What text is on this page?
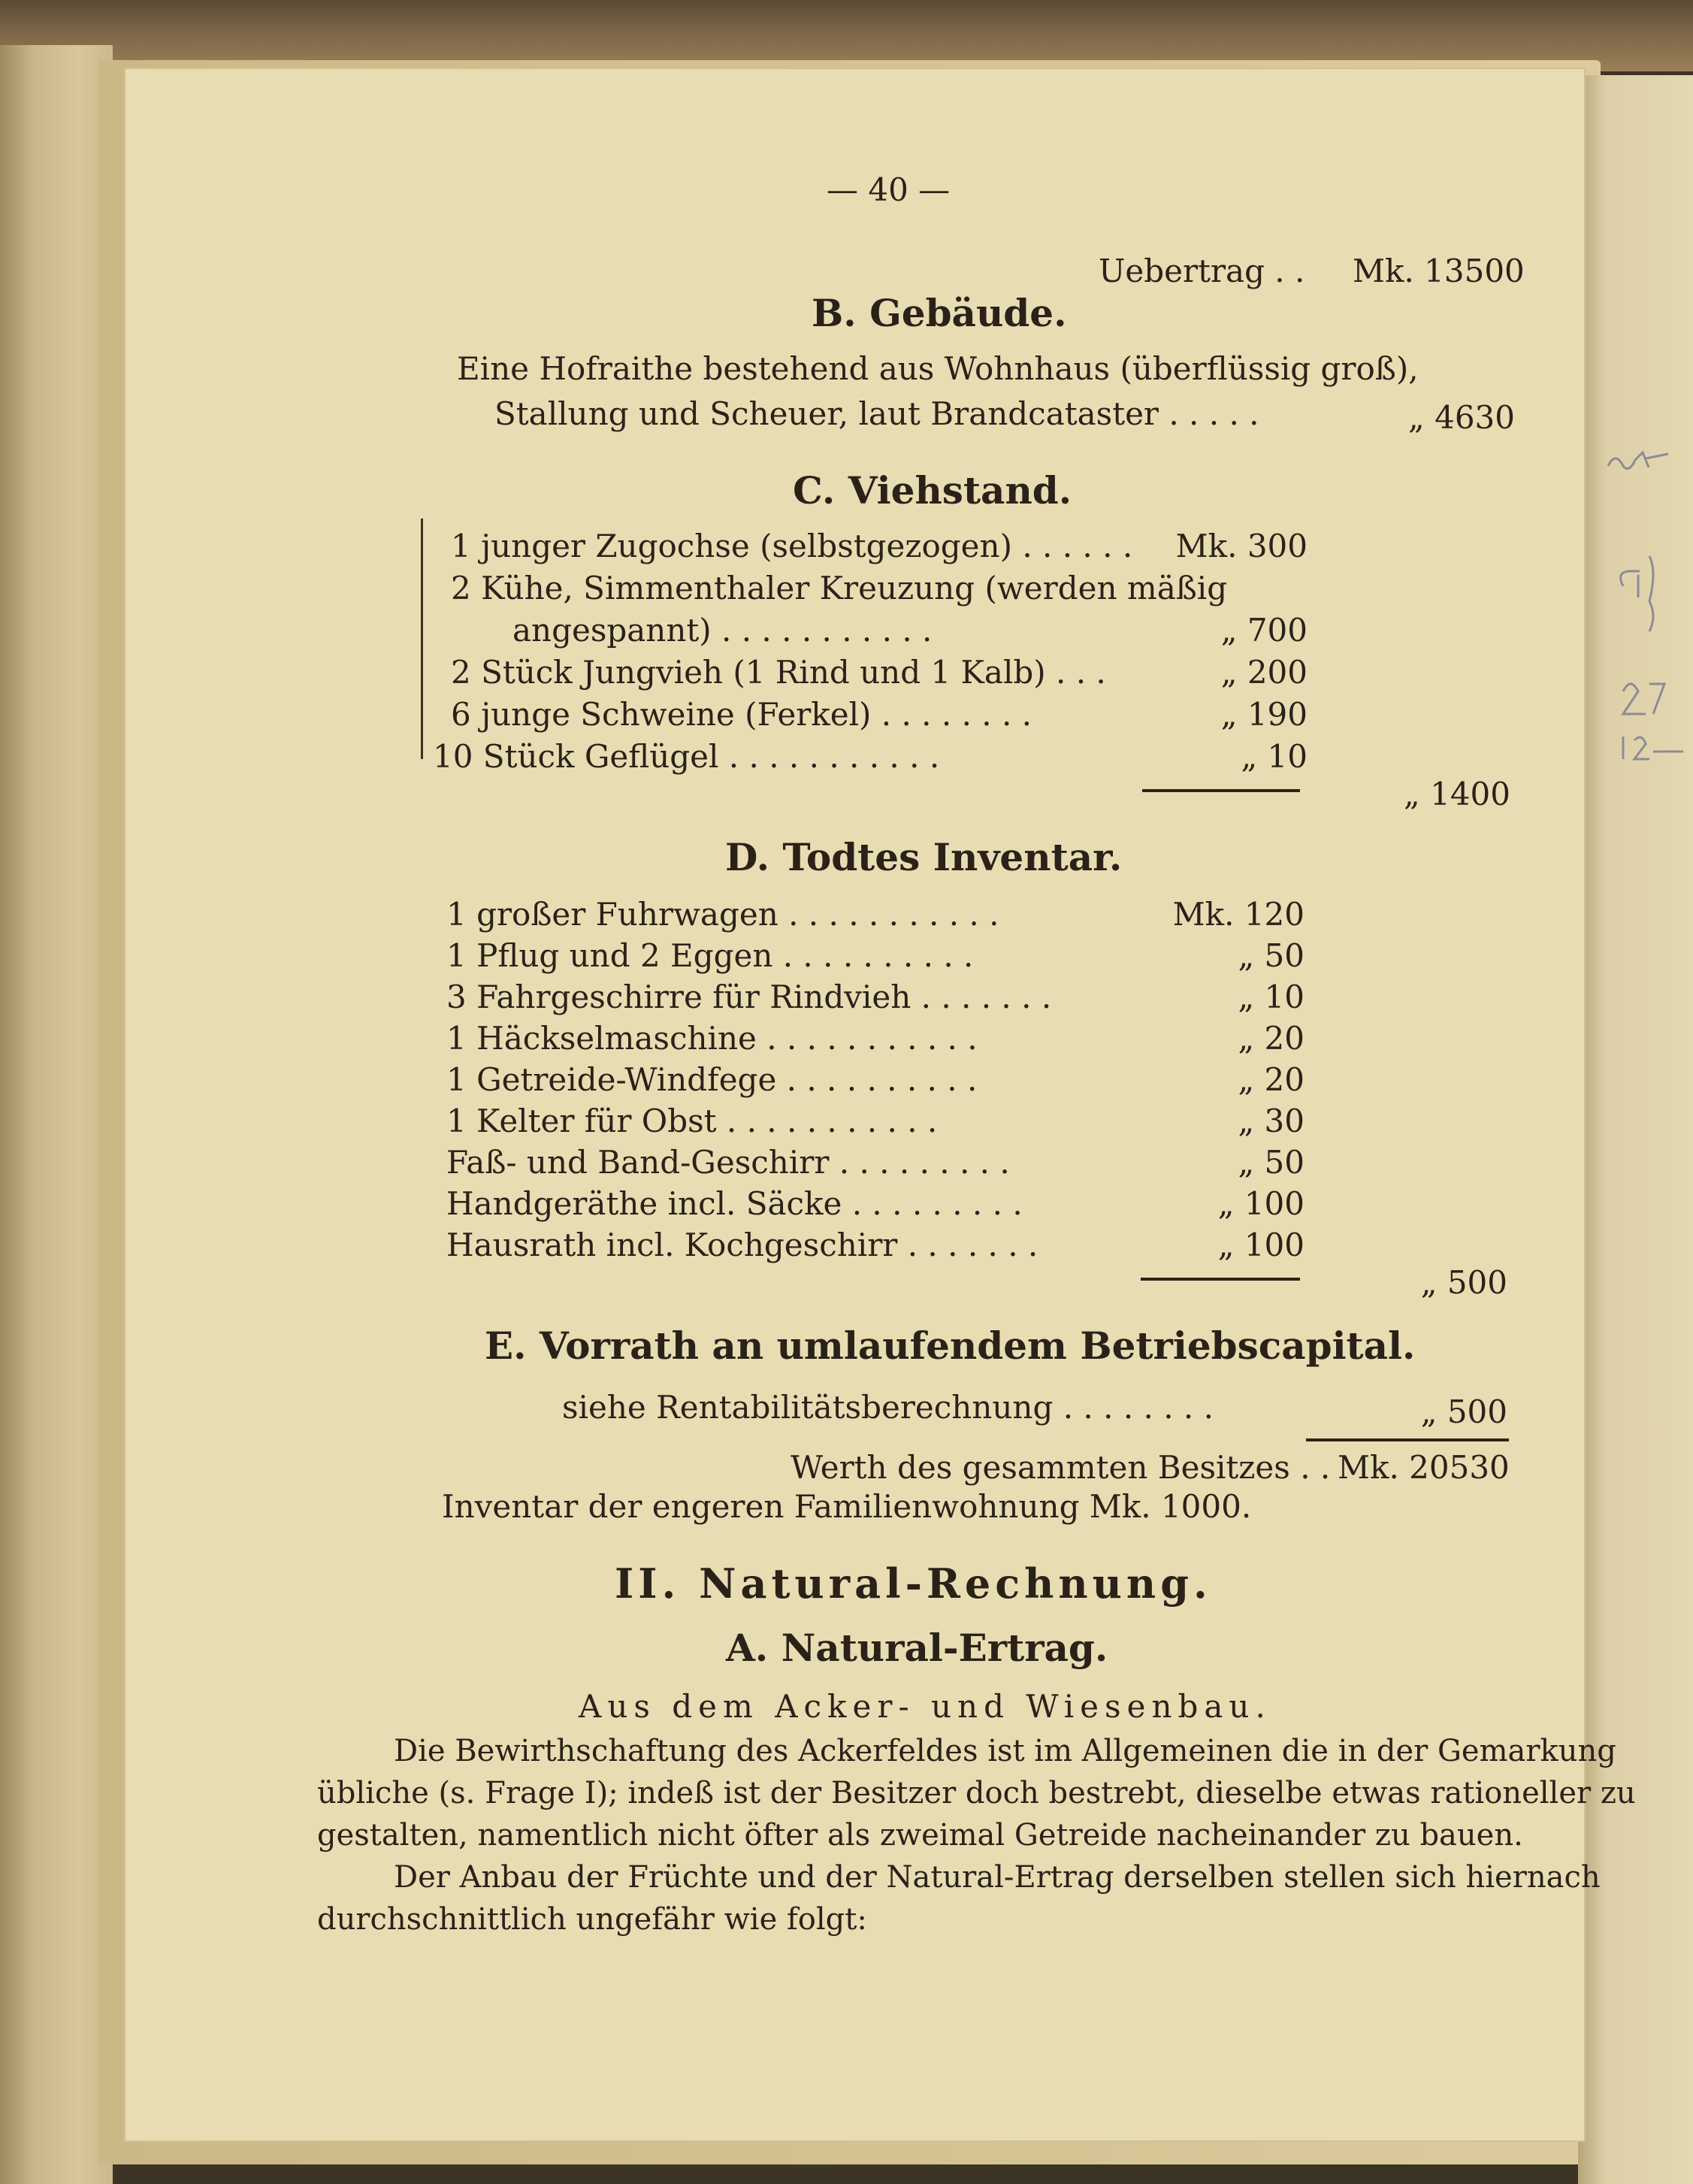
— 40 —
Uebertrag . . Mk. 13500
B. Gebäude.
Eine Hofraithe bestehend aus Wohnhaus (überflüssig groß),
Stallung und Scheuer, laut Brandcataster . . . . .	„ 4630
C. Viehstand.
1 junger Zugochse (selbstgezogen) . . . . . .	Mk. 300
2 Kühe, Simmenthaler Kreuzung (werden mäßig
angespannt) . . . . . . . . . . .	„ 700
2 Stück Jungvieh (1 Rind und 1 Kalb) . . .	„ 200
6 junge Schweine (Ferkel) . . . . . . . .	„ 190
10 Stück Geflügel . . . . . . . . . . .	„ 10
„ 1400
D. Todtes Inventar.
1 großer Fuhrwagen . . . . . . . . . . .	Mk. 120
1 Pflug und 2 Eggen . . . . . . . . . .	„ 50
3 Fahrgeschirre für Rindvieh . . . . . . .	„ 10
1 Häckselmaschine . . . . . . . . . . .	„ 20
1 Getreide-Windfege . . . . . . . . . .	„ 20
1 Kelter für Obst . . . . . . . . . . .	„ 30
Faß- und Band-Geschirr . . . . . . . . .	„ 50
Handgeräthe incl. Säcke . . . . . . . . .	„ 100
Hausrath incl. Kochgeschirr . . . . . . .	„ 100
„ 500
E. Vorrath an umlaufendem Betriebscapital.
siehe Rentabilitätsberechnung . . . . . . . .	„ 500
Werth des gesammten Besitzes . . Mk. 20530
Inventar der engeren Familienwohnung Mk. 1000.
II. Natural-Rechnung.
A. Natural-Ertrag.
Aus dem Acker- und Wiesenbau.
Die Bewirthschaftung des Ackerfeldes ist im Allgemeinen die in der Gemarkung
übliche (s. Frage I); indeß ist der Besitzer doch bestrebt, dieselbe etwas rationeller zu
gestalten, namentlich nicht öfter als zweimal Getreide nacheinander zu bauen.
Der Anbau der Früchte und der Natural-Ertrag derselben stellen sich hiernach
durchschnittlich ungefähr wie folgt:
